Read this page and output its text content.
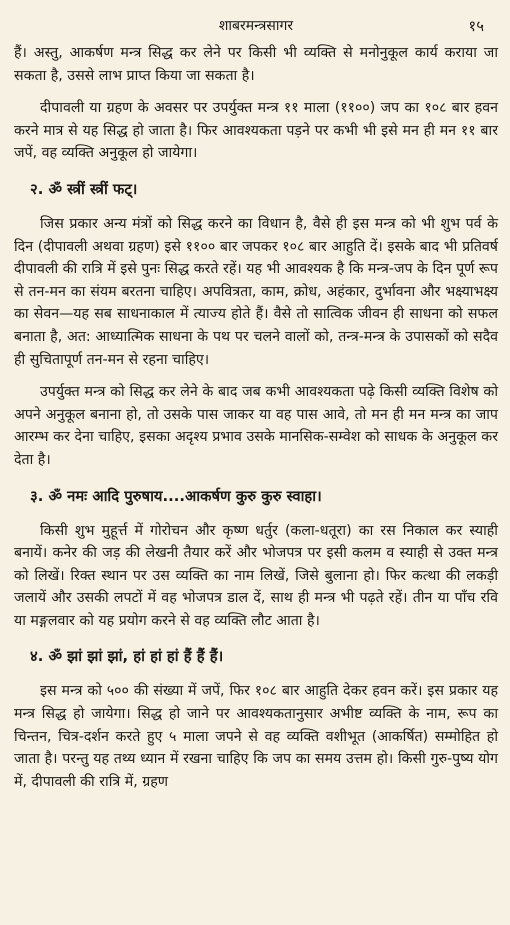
शाबरमन्त्रसागर	१५

हैं। अस्तु, आकर्षण मन्त्र सिद्ध कर लेने पर किसी भी व्यक्ति से मनोनुकूल कार्य कराया जा सकता है, उससे लाभ प्राप्त किया जा सकता है।

दीपावली या ग्रहण के अवसर पर उपर्युक्त मन्त्र ११ माला (११००) जप का १०८ बार हवन करने मात्र से यह सिद्ध हो जाता है। फिर आवश्यकता पड़ने पर कभी भी इसे मन ही मन ११ बार जपें, वह व्यक्ति अनुकूल हो जायेगा।

२. ॐ स्त्रीं स्त्रीं फट्।

जिस प्रकार अन्य मंत्रों को सिद्ध करने का विधान है, वैसे ही इस मन्त्र को भी शुभ पर्व के दिन (दीपावली अथवा ग्रहण) इसे ११०० बार जपकर १०८ बार आहुति दें। इसके बाद भी प्रतिवर्ष दीपावली की रात्रि में इसे पुनः सिद्ध करते रहें। यह भी आवश्यक है कि मन्त्र-जप के दिन पूर्ण रूप से तन-मन का संयम बरतना चाहिए। अपवित्रता, काम, क्रोध, अहंकार, दुर्भावना और भक्ष्याभक्ष्य का सेवन—यह सब साधनाकाल में त्याज्य होते हैं। वैसे तो सात्विक जीवन ही साधना को सफल बनाता है, अत: आध्यात्मिक साधना के पथ पर चलने वालों को, तन्त्र-मन्त्र के उपासकों को सदैव ही सुचितापूर्ण तन-मन से रहना चाहिए।

उपर्युक्त मन्त्र को सिद्ध कर लेने के बाद जब कभी आवश्यकता पढ़े किसी व्यक्ति विशेष को अपने अनुकूल बनाना हो, तो उसके पास जाकर या वह पास आवे, तो मन ही मन मन्त्र का जाप आरम्भ कर देना चाहिए, इसका अदृश्य प्रभाव उसके मानसिक-सम्वेश को साधक के अनुकूल कर देता है।

३. ॐ नमः आदि पुरुषाय....आकर्षण कुरु कुरु स्वाहा।

किसी शुभ मुहूर्त्त में गोरोचन और कृष्ण धर्तुर (कला-धतूरा) का रस निकाल कर स्याही बनायें। कनेर की जड़ की लेखनी तैयार करें और भोजपत्र पर इसी कलम व स्याही से उक्त मन्त्र को लिखें। रिक्त स्थान पर उस व्यक्ति का नाम लिखें, जिसे बुलाना हो। फिर कत्था की लकड़ी जलायें और उसकी लपटों में वह भोजपत्र डाल दें, साथ ही मन्त्र भी पढ़ते रहें। तीन या पाँच रवि या मङ्गलवार को यह प्रयोग करने से वह व्यक्ति लौट आता है।

४. ॐ झां झां झां, हां हां हां हैं हैं हैं।

इस मन्त्र को ५०० की संख्या में जपें, फिर १०८ बार आहुति देकर हवन करें। इस प्रकार यह मन्त्र सिद्ध हो जायेगा। सिद्ध हो जाने पर आवश्यकतानुसार अभीष्ट व्यक्ति के नाम, रूप का चिन्तन, चित्र-दर्शन करते हुए ५ माला जपने से वह व्यक्ति वशीभूत (आकर्षित) सम्मोहित हो जाता है। परन्तु यह तथ्य ध्यान में रखना चाहिए कि जप का समय उत्तम हो। किसी गुरु-पुष्य योग में, दीपावली की रात्रि में, ग्रहण
